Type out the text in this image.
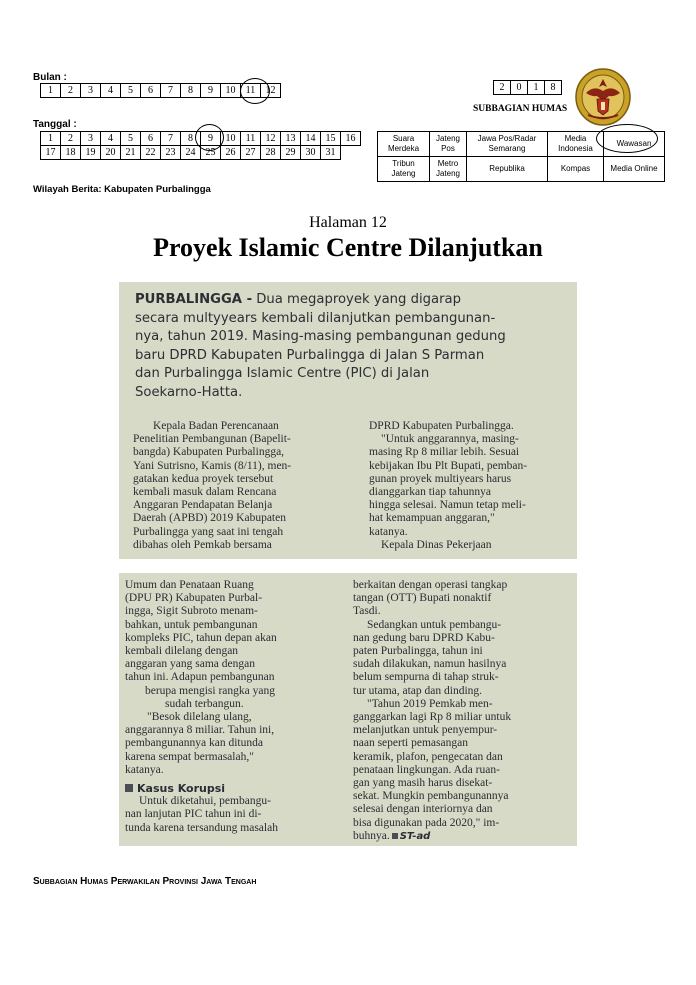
Bulan :
1	2	3	4	5	6	7	8	9	10	11	12
Tanggal :
1	2	3	4	5	6	7	8	9	10	11	12	13	14	15	16
17	18	19	20	21	22	23	24	25	26	27	28	29	30	31	
Wilayah Berita: Kabupaten Purbalingga
2	0	1	8
SUBBAGIAN HUMAS
Suara Merdeka	Jateng Pos	Jawa Pos/Radar Semarang	Media Indonesia	Wawasan
Tribun Jateng	Metro Jateng	Republika	Kompas	Media Online
Halaman 12
Proyek Islamic Centre Dilanjutkan
PURBALINGGA - Dua megaproyek yang digarap
secara multyyears kembali dilanjutkan pembangunan-
nya, tahun 2019. Masing-masing pembangunan gedung
baru DPRD Kabupaten Purbalingga di Jalan S Parman
dan Purbalingga Islamic Centre (PIC) di Jalan
Soekarno-Hatta.

Kepala Badan Perencanaan

Penelitian Pembangunan (Bapelit-

bangda) Kabupaten Purbalingga,

Yani Sutrisno, Kamis (8/11), men-

gatakan kedua proyek tersebut

kembali masuk dalam Rencana

Anggaran Pendapatan Belanja

Daerah (APBD) 2019 Kabupaten

Purbalingga yang saat ini tengah

dibahas oleh Pemkab bersama

DPRD Kabupaten Purbalingga.

"Untuk anggarannya, masing-

masing Rp 8 miliar lebih. Sesuai

kebijakan Ibu Plt Bupati, pemban-

gunan proyek multiyears harus

dianggarkan tiap tahunnya

hingga selesai. Namun tetap meli-

hat kemampuan anggaran,"

katanya.

Kepala Dinas Pekerjaan

Umum dan Penataan Ruang

(DPU PR) Kabupaten Purbal-

ingga, Sigit Subroto menam-

bahkan, untuk pembangunan

kompleks PIC, tahun depan akan

kembali dilelang dengan

anggaran yang sama dengan

tahun ini. Adapun pembangunan

berupa mengisi rangka yang

sudah terbangun.

"Besok dilelang ulang,

anggarannya 8 miliar. Tahun ini,

pembangunannya kan ditunda

karena sempat bermasalah,"

katanya.

Kasus Korupsi

Untuk diketahui, pembangu-

nan lanjutan PIC tahun ini di-

tunda karena tersandung masalah

berkaitan dengan operasi tangkap

tangan (OTT) Bupati nonaktif

Tasdi.

Sedangkan untuk pembangu-

nan gedung baru DPRD Kabu-

paten Purbalingga, tahun ini

sudah dilakukan, namun hasilnya

belum sempurna di tahap struk-

tur utama, atap dan dinding.

"Tahun 2019 Pemkab men-

ganggarkan lagi Rp 8 miliar untuk

melanjutkan untuk penyempur-

naan seperti pemasangan

keramik, plafon, pengecatan dan

penataan lingkungan. Ada ruan-

gan yang masih harus disekat-

sekat. Mungkin pembangunannya

selesai dengan interiornya dan

bisa digunakan pada 2020," im-

buhnya. ST-ad

Subbagian Humas Perwakilan Provinsi Jawa Tengah
